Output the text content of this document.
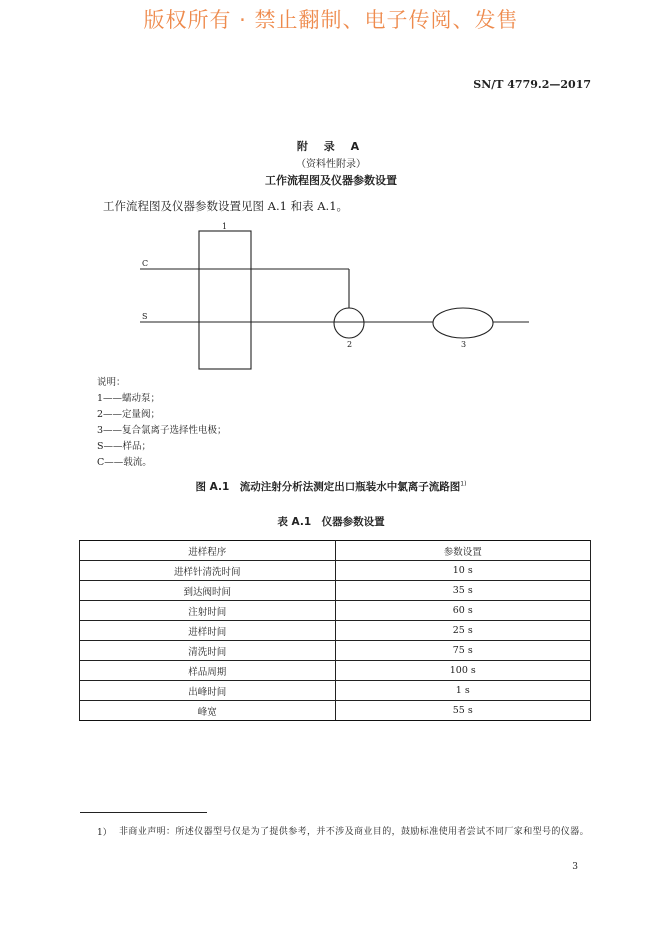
版权所有 · 禁止翻制、电子传阅、发售
SN/T 4779.2—2017
附 录 A
（资料性附录）
工作流程图及仪器参数设置
工作流程图及仪器参数设置见图 A.1 和表 A.1。
1
C
S
2	3
说明：
1——蠕动泵；
2——定量阀；
3——复合氯离子选择性电极；
S——样品；
C——载流。
图 A.1　流动注射分析法测定出口瓶装水中氯离子流路图$^{1)}$
表 A.1　仪器参数设置
进样程序	参数设置
进样针清洗时间	10 s
到达阀时间	35 s
注射时间	60 s
进样时间	25 s
清洗时间	75 s
样品周期	100 s
出峰时间	1 s
峰宽	55 s
1） 非商业声明：所述仪器型号仅是为了提供参考，并不涉及商业目的，鼓励标准使用者尝试不同厂家和型号的仪器。
3
